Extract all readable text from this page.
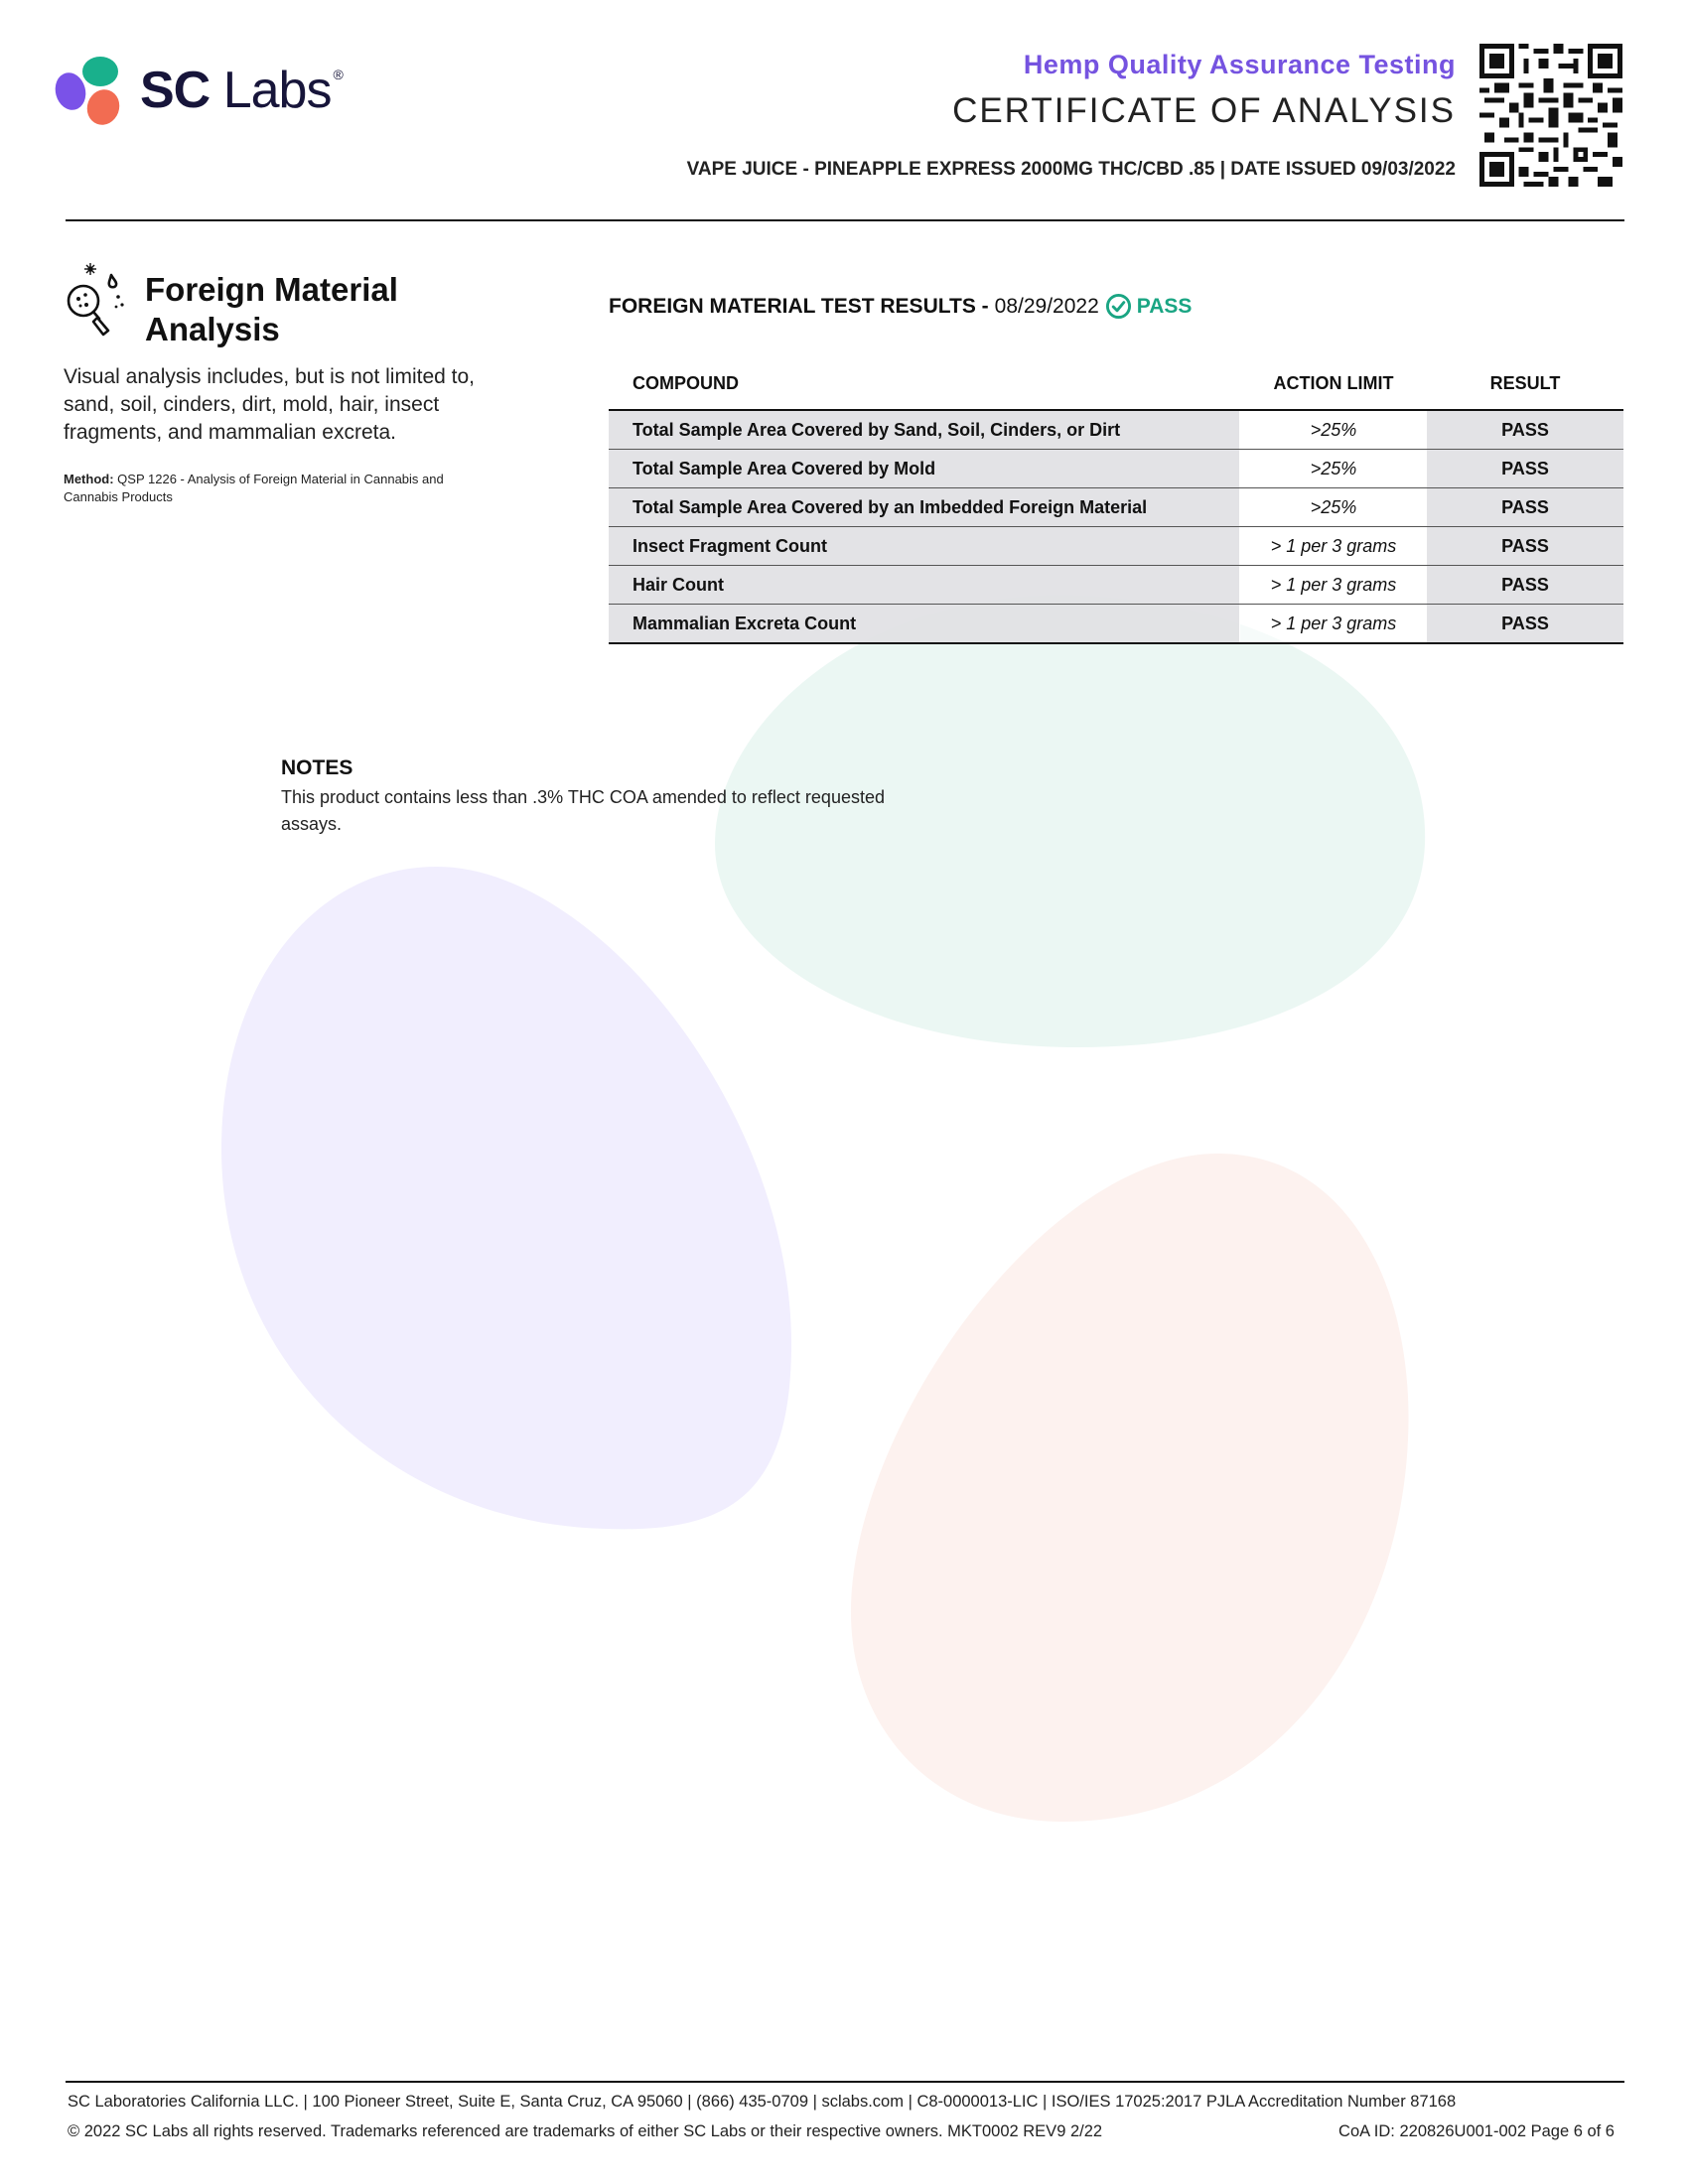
SC Labs ®	Hemp Quality Assurance Testing
CERTIFICATE OF ANALYSIS
VAPE JUICE - PINEAPPLE EXPRESS 2000MG THC/CBD .85 | DATE ISSUED 09/03/2022
Foreign Material Analysis
Visual analysis includes, but is not limited to, sand, soil, cinders, dirt, mold, hair, insect fragments, and mammalian excreta.
Method: QSP 1226 - Analysis of Foreign Material in Cannabis and Cannabis Products
FOREIGN MATERIAL TEST RESULTS - 08/29/2022 PASS
COMPOUND	ACTION LIMIT	RESULT
Total Sample Area Covered by Sand, Soil, Cinders, or Dirt	>25%	PASS
Total Sample Area Covered by Mold	>25%	PASS
Total Sample Area Covered by an Imbedded Foreign Material	>25%	PASS
Insect Fragment Count	> 1 per 3 grams	PASS
Hair Count	> 1 per 3 grams	PASS
Mammalian Excreta Count	> 1 per 3 grams	PASS
NOTES
This product contains less than .3% THC COA amended to reflect requested assays.
SC Laboratories California LLC. | 100 Pioneer Street, Suite E, Santa Cruz, CA 95060 | (866) 435-0709 | sclabs.com | C8-0000013-LIC | ISO/IES 17025:2017 PJLA Accreditation Number 87168
© 2022 SC Labs all rights reserved. Trademarks referenced are trademarks of either SC Labs or their respective owners. MKT0002 REV9 2/22	CoA ID: 220826U001-002 Page 6 of 6
